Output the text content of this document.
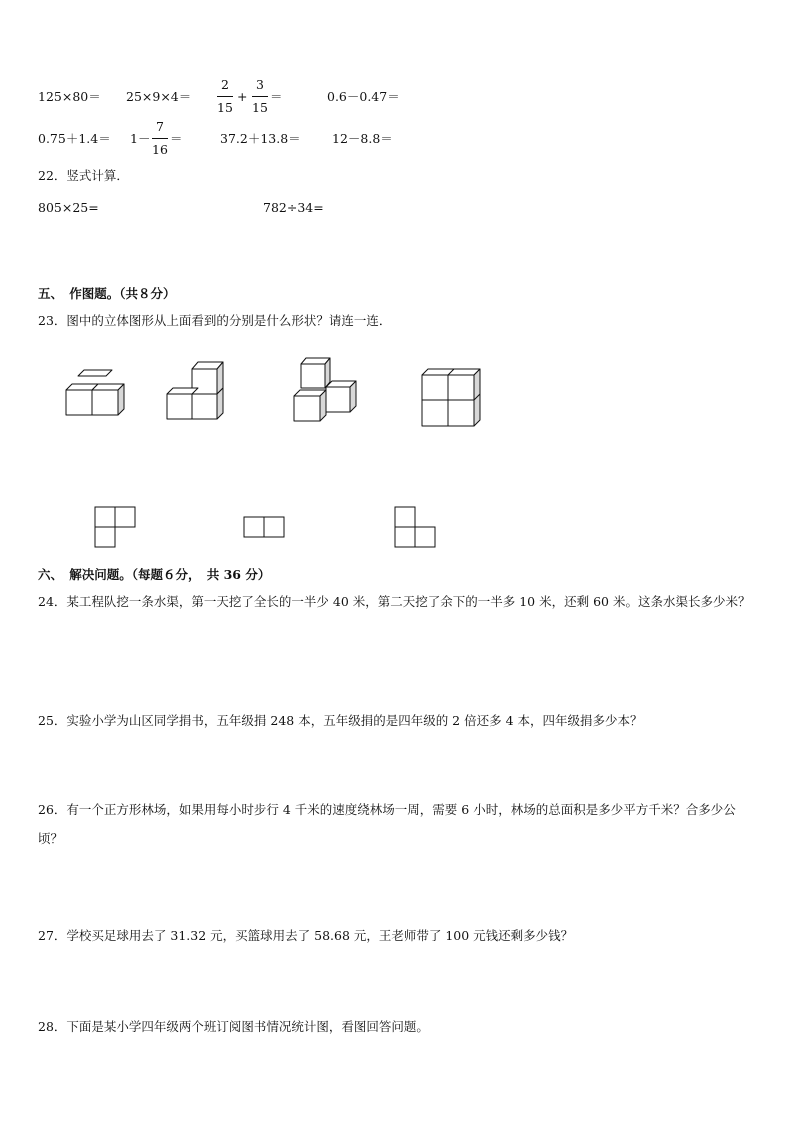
125×80＝ 25×9×4＝
2
15
+
3
15
＝	0.6－0.47＝
0.75＋1.4＝ 1－
7
16
＝	37.2＋13.8＝	12－8.8＝
22．竖式计算．
805×25=	782÷34=
五、　作图题。（共８分）
23．图中的立体图形从上面看到的分别是什么形状？请连一连．
六、　解决问题。（每题６分，　共 36 分）
24．某工程队挖一条水渠，第一天挖了全长的一半少 40 米，第二天挖了余下的一半多 10 米，还剩 60 米。这条水渠长多少米？
25．实验小学为山区同学捐书，五年级捐 248 本，五年级捐的是四年级的 2 倍还多 4 本，四年级捐多少本？
26．有一个正方形林场，如果用每小时步行 4 千米的速度绕林场一周，需要 6 小时，林场的总面积是多少平方千米？合多少公顷？
27．学校买足球用去了 31.32 元，买篮球用去了 58.68 元，王老师带了 100 元钱还剩多少钱？
28．下面是某小学四年级两个班订阅图书情况统计图，看图回答问题。
